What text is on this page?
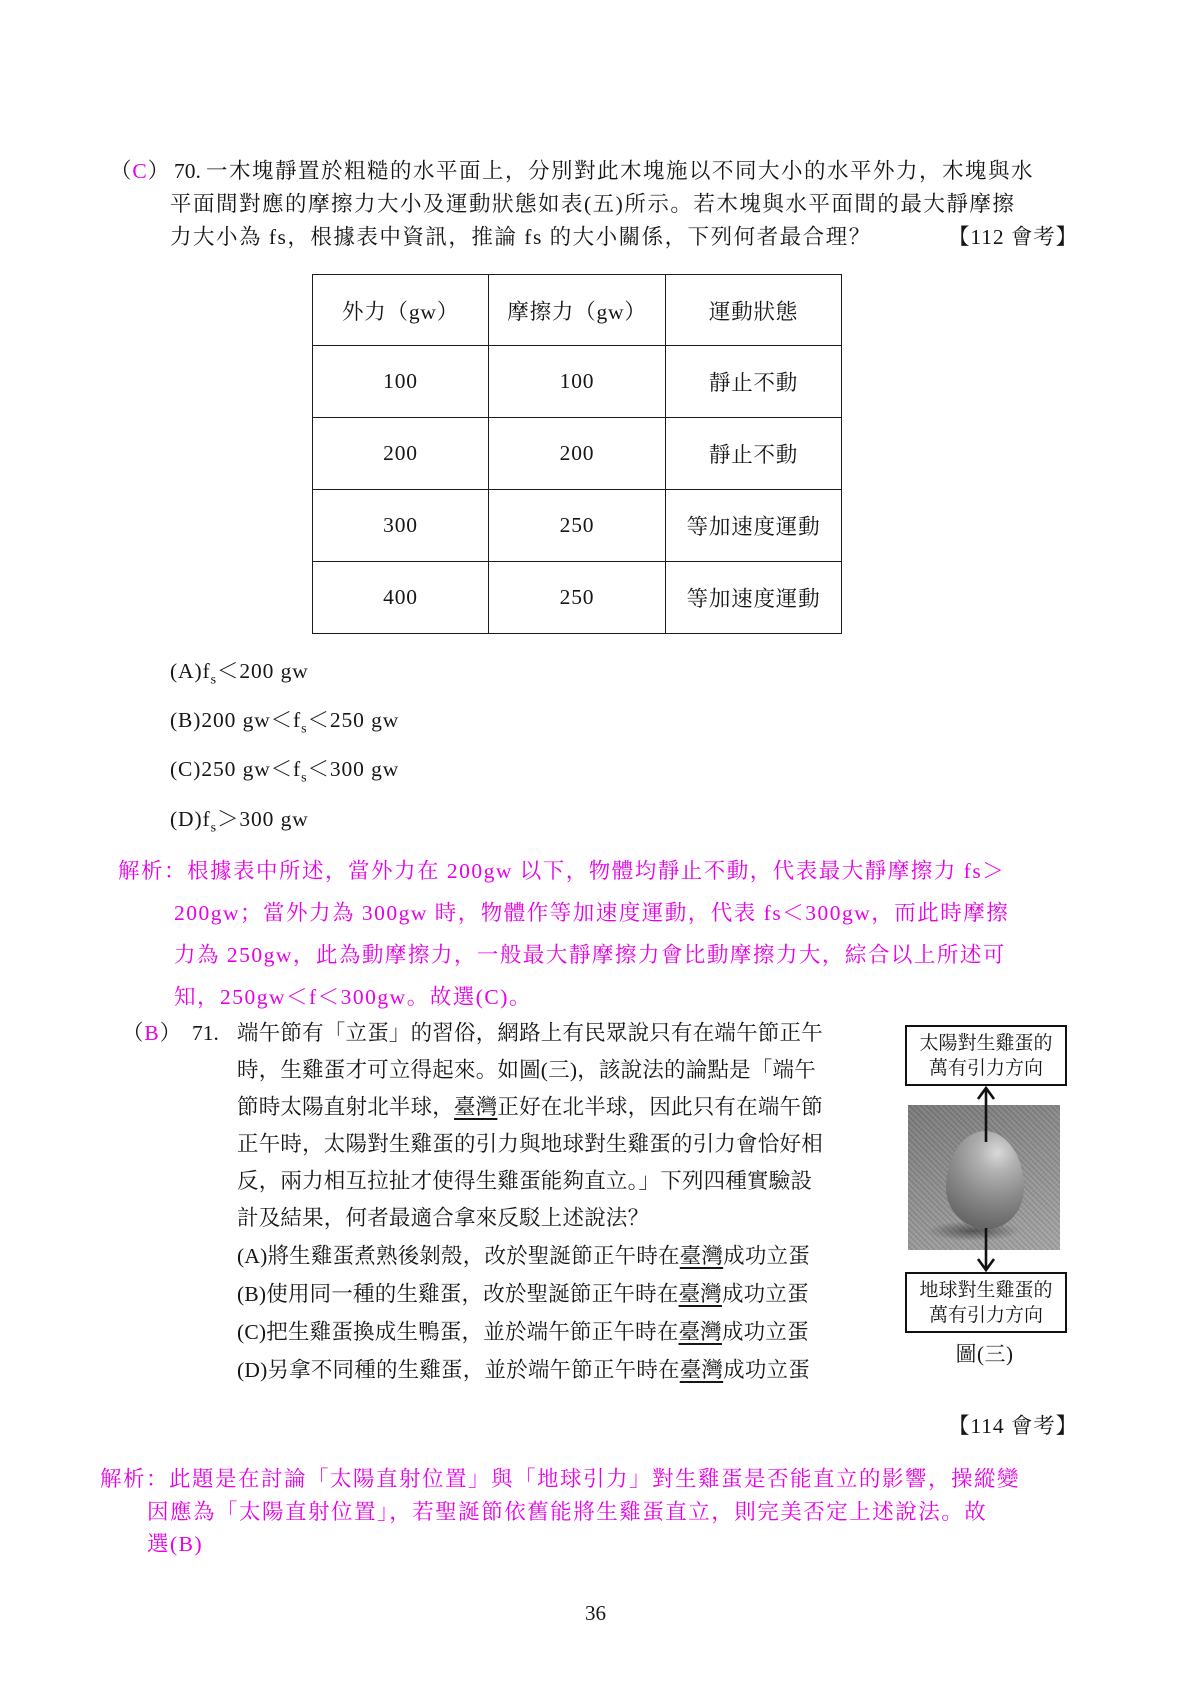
（C） 70. 一木塊靜置於粗糙的水平面上，分別對此木塊施以不同大小的水平外力，木塊與水
平面間對應的摩擦力大小及運動狀態如表(五)所示。若木塊與水平面間的最大靜摩擦
力大小為 fs，根據表中資訊，推論 fs 的大小關係，下列何者最合理？	【112 會考】
外力（gw）	摩擦力（gw）	運動狀態
100	100	靜止不動
200	200	靜止不動
300	250	等加速度運動
400	250	等加速度運動
$(A)f_s<200$ gw
(B)200 $gw<f_s<250$ gw
(C)250 $gw<f_s<300$ gw
$(D)f_s>300$ gw
解析：根據表中所述，當外力在 200gw 以下，物體均靜止不動，代表最大靜摩擦力 fs＞
200gw；當外力為 300gw 時，物體作等加速度運動，代表 fs＜300gw，而此時摩擦
力為 250gw，此為動摩擦力，一般最大靜摩擦力會比動摩擦力大，綜合以上所述可
知，250gw＜f＜300gw。故選(C)。
（B） 71. 端午節有「立蛋」的習俗，網路上有民眾說只有在端午節正午
時，生雞蛋才可立得起來。如圖(三)，該說法的論點是「端午
節時太陽直射北半球，臺灣正好在北半球，因此只有在端午節
正午時，太陽對生雞蛋的引力與地球對生雞蛋的引力會恰好相
反，兩力相互拉扯才使得生雞蛋能夠直立。」下列四種實驗設
計及結果，何者最適合拿來反駁上述說法？
(A)將生雞蛋煮熟後剝殼，改於聖誕節正午時在臺灣成功立蛋
(B)使用同一種的生雞蛋，改於聖誕節正午時在臺灣成功立蛋
(C)把生雞蛋換成生鴨蛋，並於端午節正午時在臺灣成功立蛋
(D)另拿不同種的生雞蛋，並於端午節正午時在臺灣成功立蛋
太陽對生雞蛋的
萬有引力方向
地球對生雞蛋的
萬有引力方向
圖(三)
【114 會考】
解析：此題是在討論「太陽直射位置」與「地球引力」對生雞蛋是否能直立的影響，操縱變
因應為「太陽直射位置」，若聖誕節依舊能將生雞蛋直立，則完美否定上述說法。故
選(B)
36
